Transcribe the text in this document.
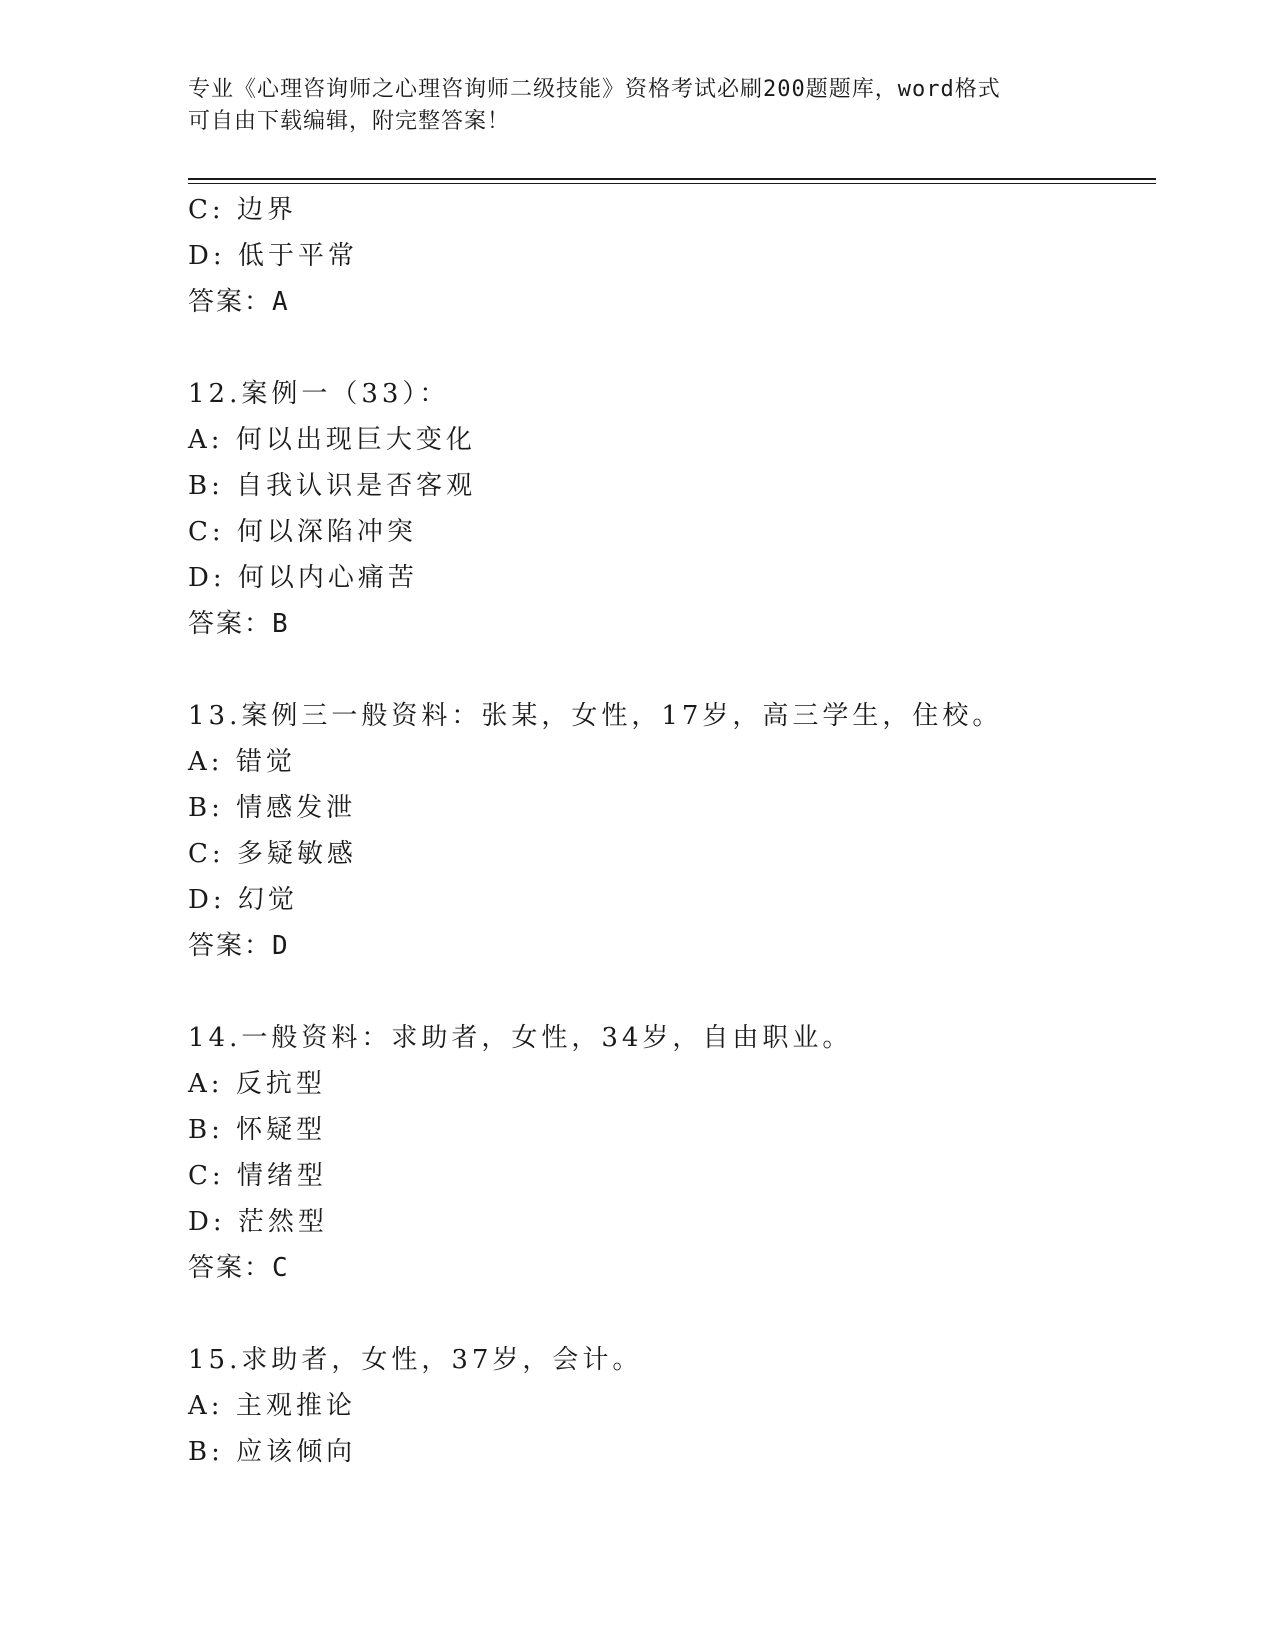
专业《心理咨询师之心理咨询师二级技能》资格考试必刷200题题库，word格式
可自由下载编辑，附完整答案！
C: 边界
D: 低于平常
答案：A
12.案例一（33）：
A: 何以出现巨大变化
B: 自我认识是否客观
C: 何以深陷冲突
D: 何以内心痛苦
答案：B
13.案例三一般资料：张某，女性，17岁，高三学生，住校。
A: 错觉
B: 情感发泄
C: 多疑敏感
D: 幻觉
答案：D
14.一般资料：求助者，女性，34岁，自由职业。
A: 反抗型
B: 怀疑型
C: 情绪型
D: 茫然型
答案：C
15.求助者，女性，37岁，会计。
A: 主观推论
B: 应该倾向
